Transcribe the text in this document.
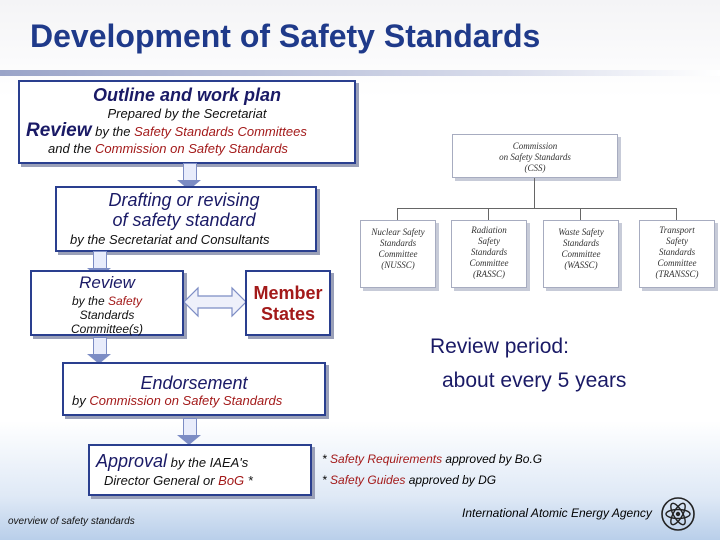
Development of Safety Standards
Outline and work plan
Prepared by the Secretariat
Review by the Safety Standards Committees
and the Commission on Safety Standards
Drafting or revising
of safety standard
by the Secretariat and Consultants
Review
by the Safety
Standards
Committee(s)
Member
States
Endorsement
by Commission on Safety Standards
Approval by the IAEA's
Director General or BoG *
Commission
on Safety Standards
(CSS)
Nuclear Safety
Standards
Committee
(NUSSC)
Radiation
Safety
Standards
Committee
(RASSC)
Waste Safety
Standards
Committee
(WASSC)
Transport
Safety
Standards
Committee
(TRANSSC)
Review period:
about every 5 years
* Safety Requirements approved by Bo.G
* Safety Guides approved by DG
overview of safety standards
International Atomic Energy Agency
